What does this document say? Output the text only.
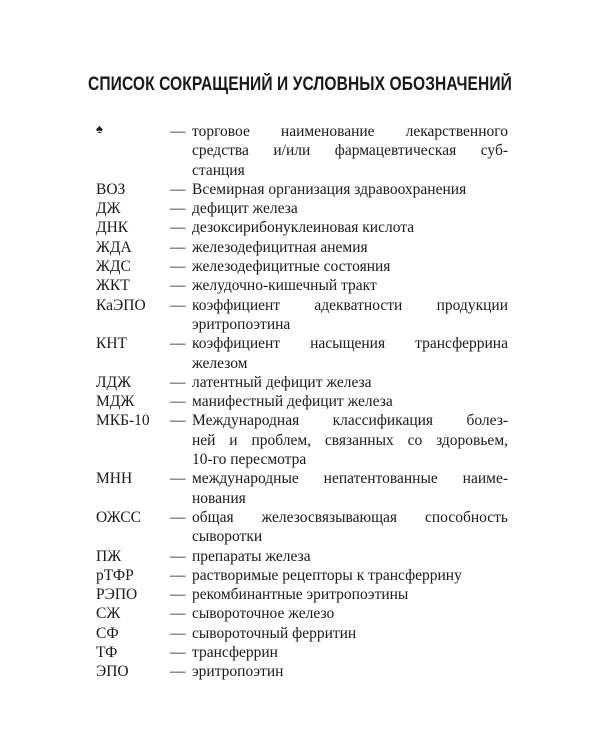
СПИСОК СОКРАЩЕНИЙ И УСЛОВНЫХ ОБОЗНАЧЕНИЙ
♠	— торговое наименование лекарственного
средства и/или фармацевтическая суб-
станция
ВОЗ	— Всемирная организация здравоохранения
ДЖ	— дефицит железа
ДНК	— дезоксирибонуклеиновая кислота
ЖДА	— железодефицитная анемия
ЖДС	— железодефицитные состояния
ЖКТ	— желудочно-кишечный тракт
КаЭПО	— коэффициент адекватности продукции
эритропоэтина
КНТ	— коэффициент насыщения трансферрина
железом
ЛДЖ	— латентный дефицит железа
МДЖ	— манифестный дефицит железа
МКБ-10	— Международная классификация болез-
ней и проблем, связанных со здоровьем,
10-го пересмотра
МНН	— международные непатентованные наиме-
нования
ОЖСС	— общая железосвязывающая способность
сыворотки
ПЖ	— препараты железа
рТФР	— растворимые рецепторы к трансферрину
РЭПО	— рекомбинантные эритропоэтины
СЖ	— сывороточное железо
СФ	— сывороточный ферритин
ТФ	— трансферрин
ЭПО	— эритропоэтин
